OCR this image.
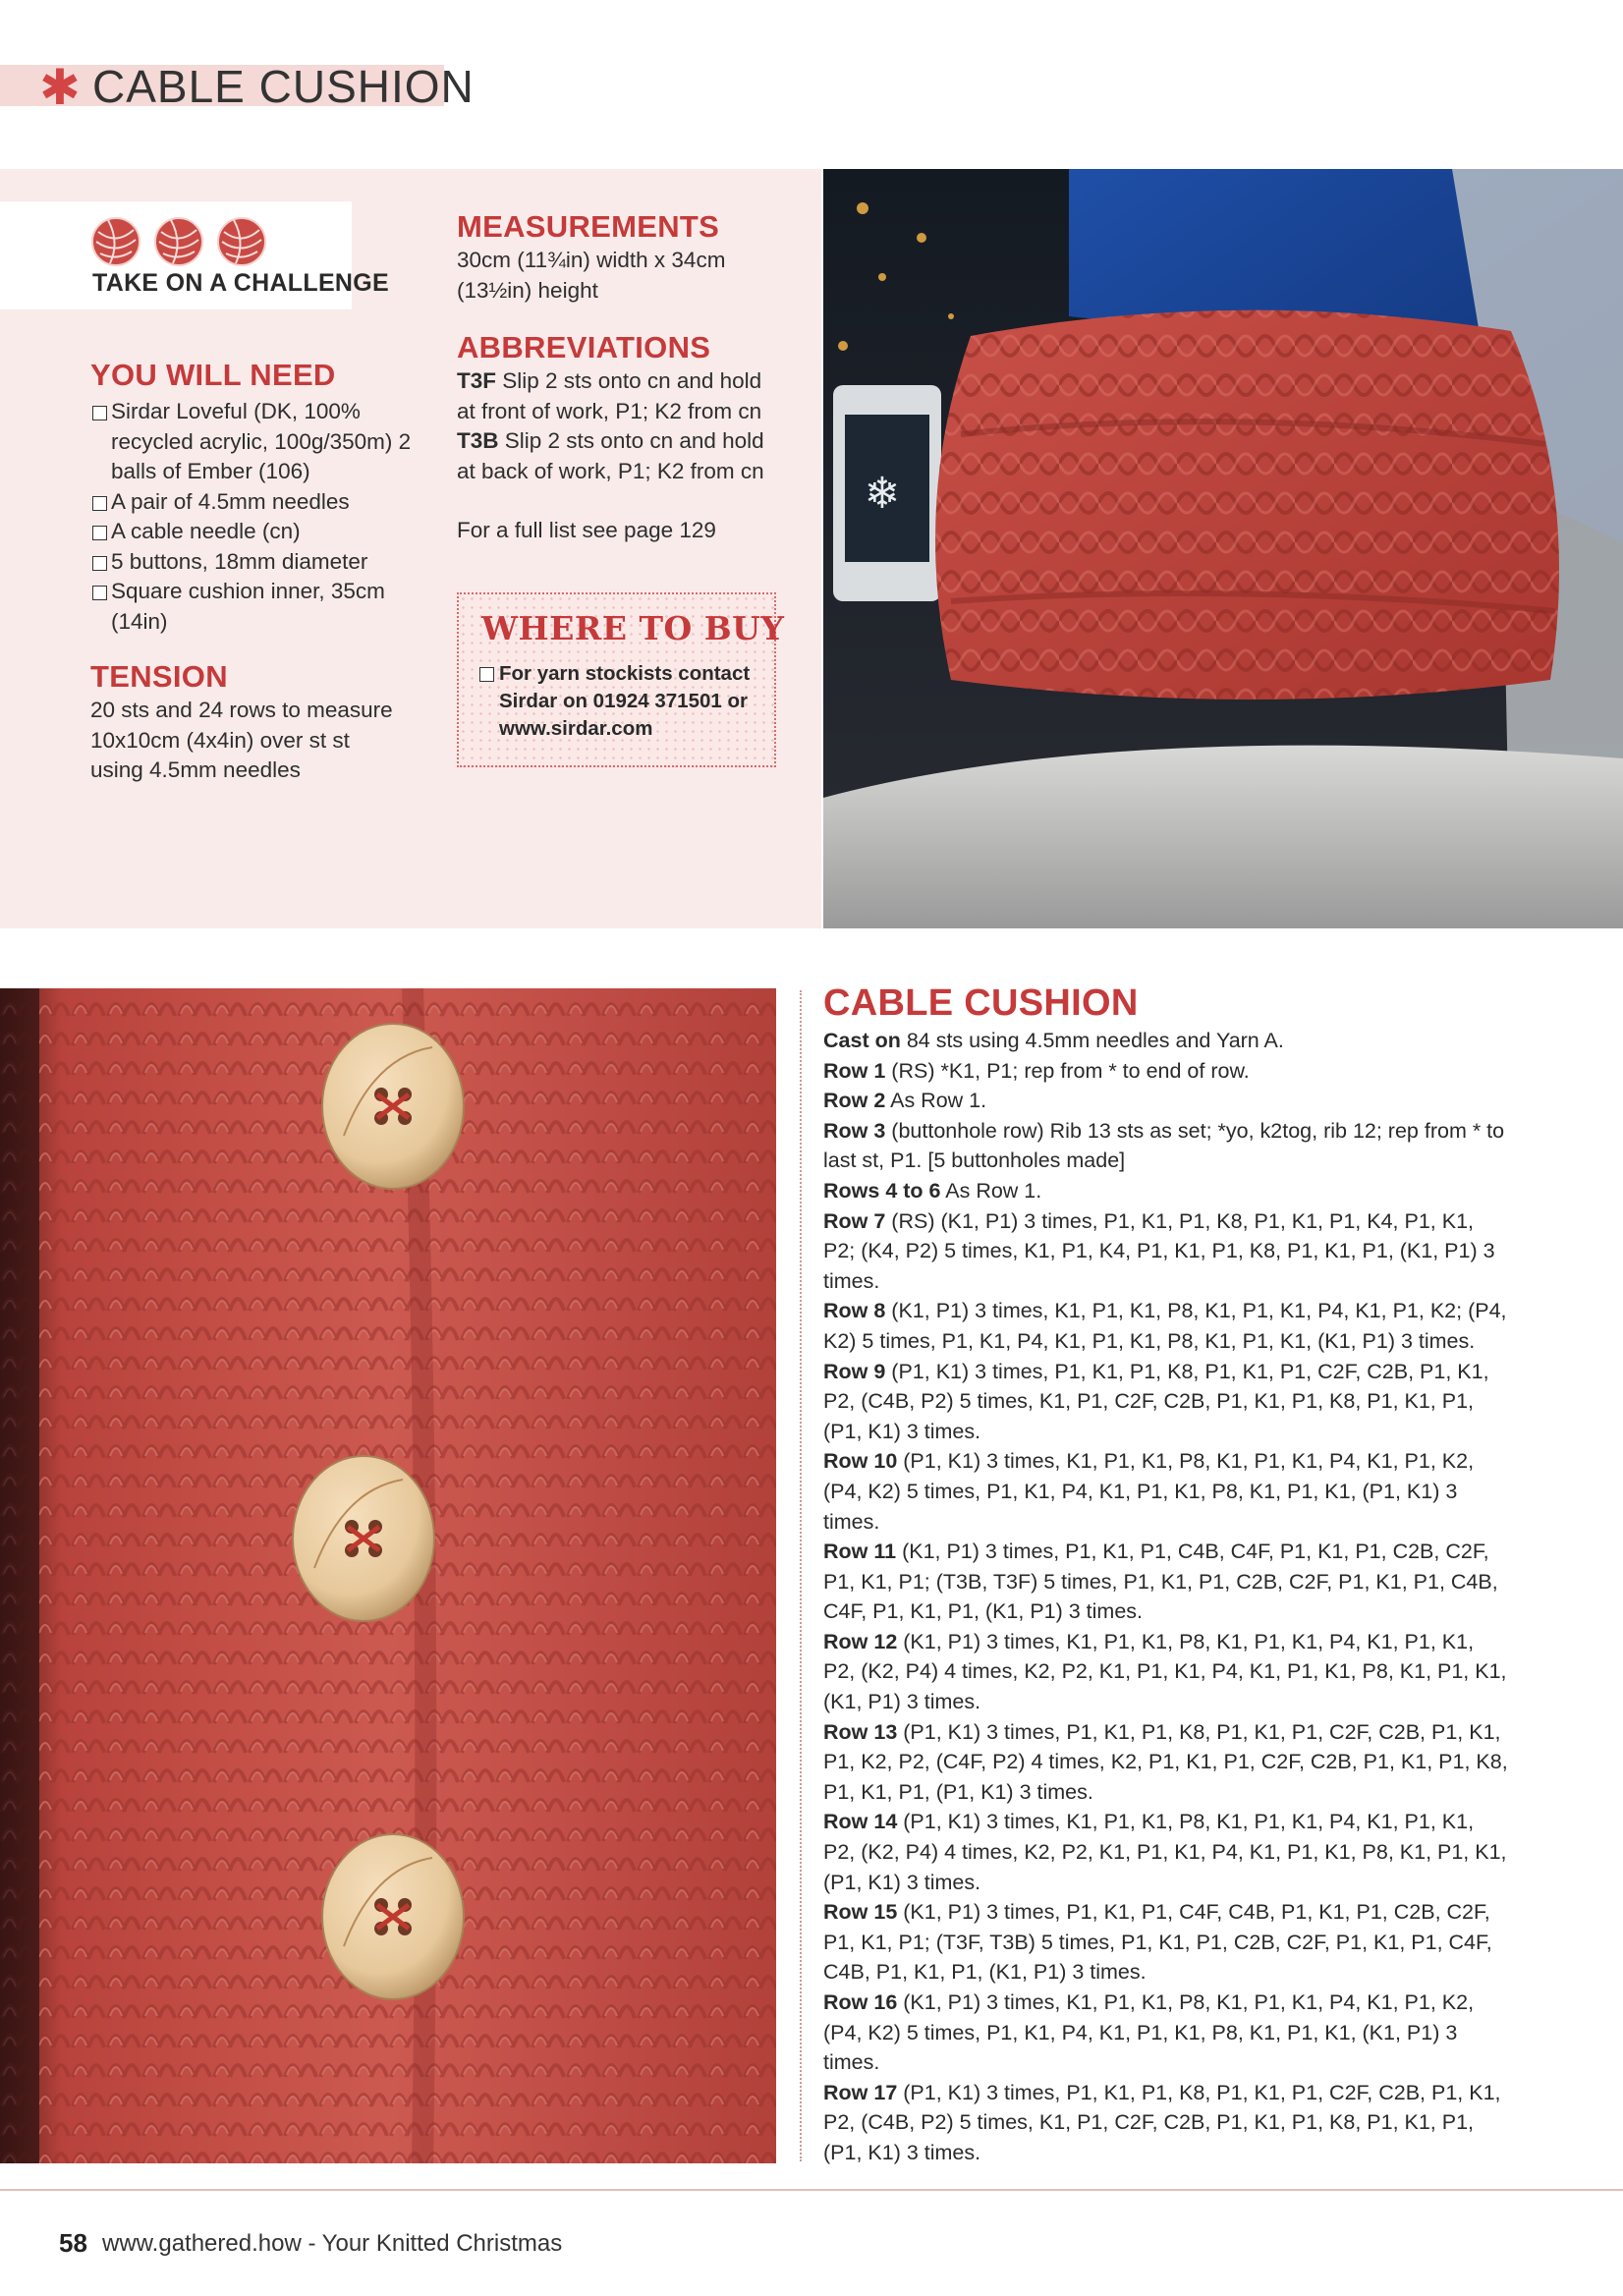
✱ CABLE CUSHION
TAKE ON A CHALLENGE
YOU WILL NEED
Sirdar Loveful (DK, 100% recycled acrylic, 100g/350m) 2 balls of Ember (106)
A pair of 4.5mm needles
A cable needle (cn)
5 buttons, 18mm diameter
Square cushion inner, 35cm (14in)
TENSION
20 sts and 24 rows to measure 10x10cm (4x4in) over st st using 4.5mm needles
MEASUREMENTS
30cm (11¾in) width x 34cm (13½in) height
ABBREVIATIONS
T3F Slip 2 sts onto cn and hold at front of work, P1; K2 from cn
T3B Slip 2 sts onto cn and hold at back of work, P1; K2 from cn
For a full list see page 129
WHERE TO BUY
For yarn stockists contact Sirdar on 01924 371501 or www.sirdar.com
❄
CABLE CUSHION

Cast on 84 sts using 4.5mm needles and Yarn A.

Row 1 (RS) *K1, P1; rep from * to end of row.

Row 2 As Row 1.

Row 3 (buttonhole row) Rib 13 sts as set; *yo, k2tog, rib 12; rep from * to last st, P1. [5 buttonholes made]

Rows 4 to 6 As Row 1.

Row 7 (RS) (K1, P1) 3 times, P1, K1, P1, K8, P1, K1, P1, K4, P1, K1, P2; (K4, P2) 5 times, K1, P1, K4, P1, K1, P1, K8, P1, K1, P1, (K1, P1) 3 times.

Row 8 (K1, P1) 3 times, K1, P1, K1, P8, K1, P1, K1, P4, K1, P1, K2; (P4, K2) 5 times, P1, K1, P4, K1, P1, K1, P8, K1, P1, K1, (K1, P1) 3 times.

Row 9 (P1, K1) 3 times, P1, K1, P1, K8, P1, K1, P1, C2F, C2B, P1, K1, P2, (C4B, P2) 5 times, K1, P1, C2F, C2B, P1, K1, P1, K8, P1, K1, P1, (P1, K1) 3 times.

Row 10 (P1, K1) 3 times, K1, P1, K1, P8, K1, P1, K1, P4, K1, P1, K2, (P4, K2) 5 times, P1, K1, P4, K1, P1, K1, P8, K1, P1, K1, (P1, K1) 3 times.

Row 11 (K1, P1) 3 times, P1, K1, P1, C4B, C4F, P1, K1, P1, C2B, C2F, P1, K1, P1; (T3B, T3F) 5 times, P1, K1, P1, C2B, C2F, P1, K1, P1, C4B, C4F, P1, K1, P1, (K1, P1) 3 times.

Row 12 (K1, P1) 3 times, K1, P1, K1, P8, K1, P1, K1, P4, K1, P1, K1, P2, (K2, P4) 4 times, K2, P2, K1, P1, K1, P4, K1, P1, K1, P8, K1, P1, K1, (K1, P1) 3 times.

Row 13 (P1, K1) 3 times, P1, K1, P1, K8, P1, K1, P1, C2F, C2B, P1, K1, P1, K2, P2, (C4F, P2) 4 times, K2, P1, K1, P1, C2F, C2B, P1, K1, P1, K8, P1, K1, P1, (P1, K1) 3 times.

Row 14 (P1, K1) 3 times, K1, P1, K1, P8, K1, P1, K1, P4, K1, P1, K1, P2, (K2, P4) 4 times, K2, P2, K1, P1, K1, P4, K1, P1, K1, P8, K1, P1, K1, (P1, K1) 3 times.

Row 15 (K1, P1) 3 times, P1, K1, P1, C4F, C4B, P1, K1, P1, C2B, C2F, P1, K1, P1; (T3F, T3B) 5 times, P1, K1, P1, C2B, C2F, P1, K1, P1, C4F, C4B, P1, K1, P1, (K1, P1) 3 times.

Row 16 (K1, P1) 3 times, K1, P1, K1, P8, K1, P1, K1, P4, K1, P1, K2, (P4, K2) 5 times, P1, K1, P4, K1, P1, K1, P8, K1, P1, K1, (K1, P1) 3 times.

Row 17 (P1, K1) 3 times, P1, K1, P1, K8, P1, K1, P1, C2F, C2B, P1, K1, P2, (C4B, P2) 5 times, K1, P1, C2F, C2B, P1, K1, P1, K8, P1, K1, P1, (P1, K1) 3 times.

58 www.gathered.how - Your Knitted Christmas
